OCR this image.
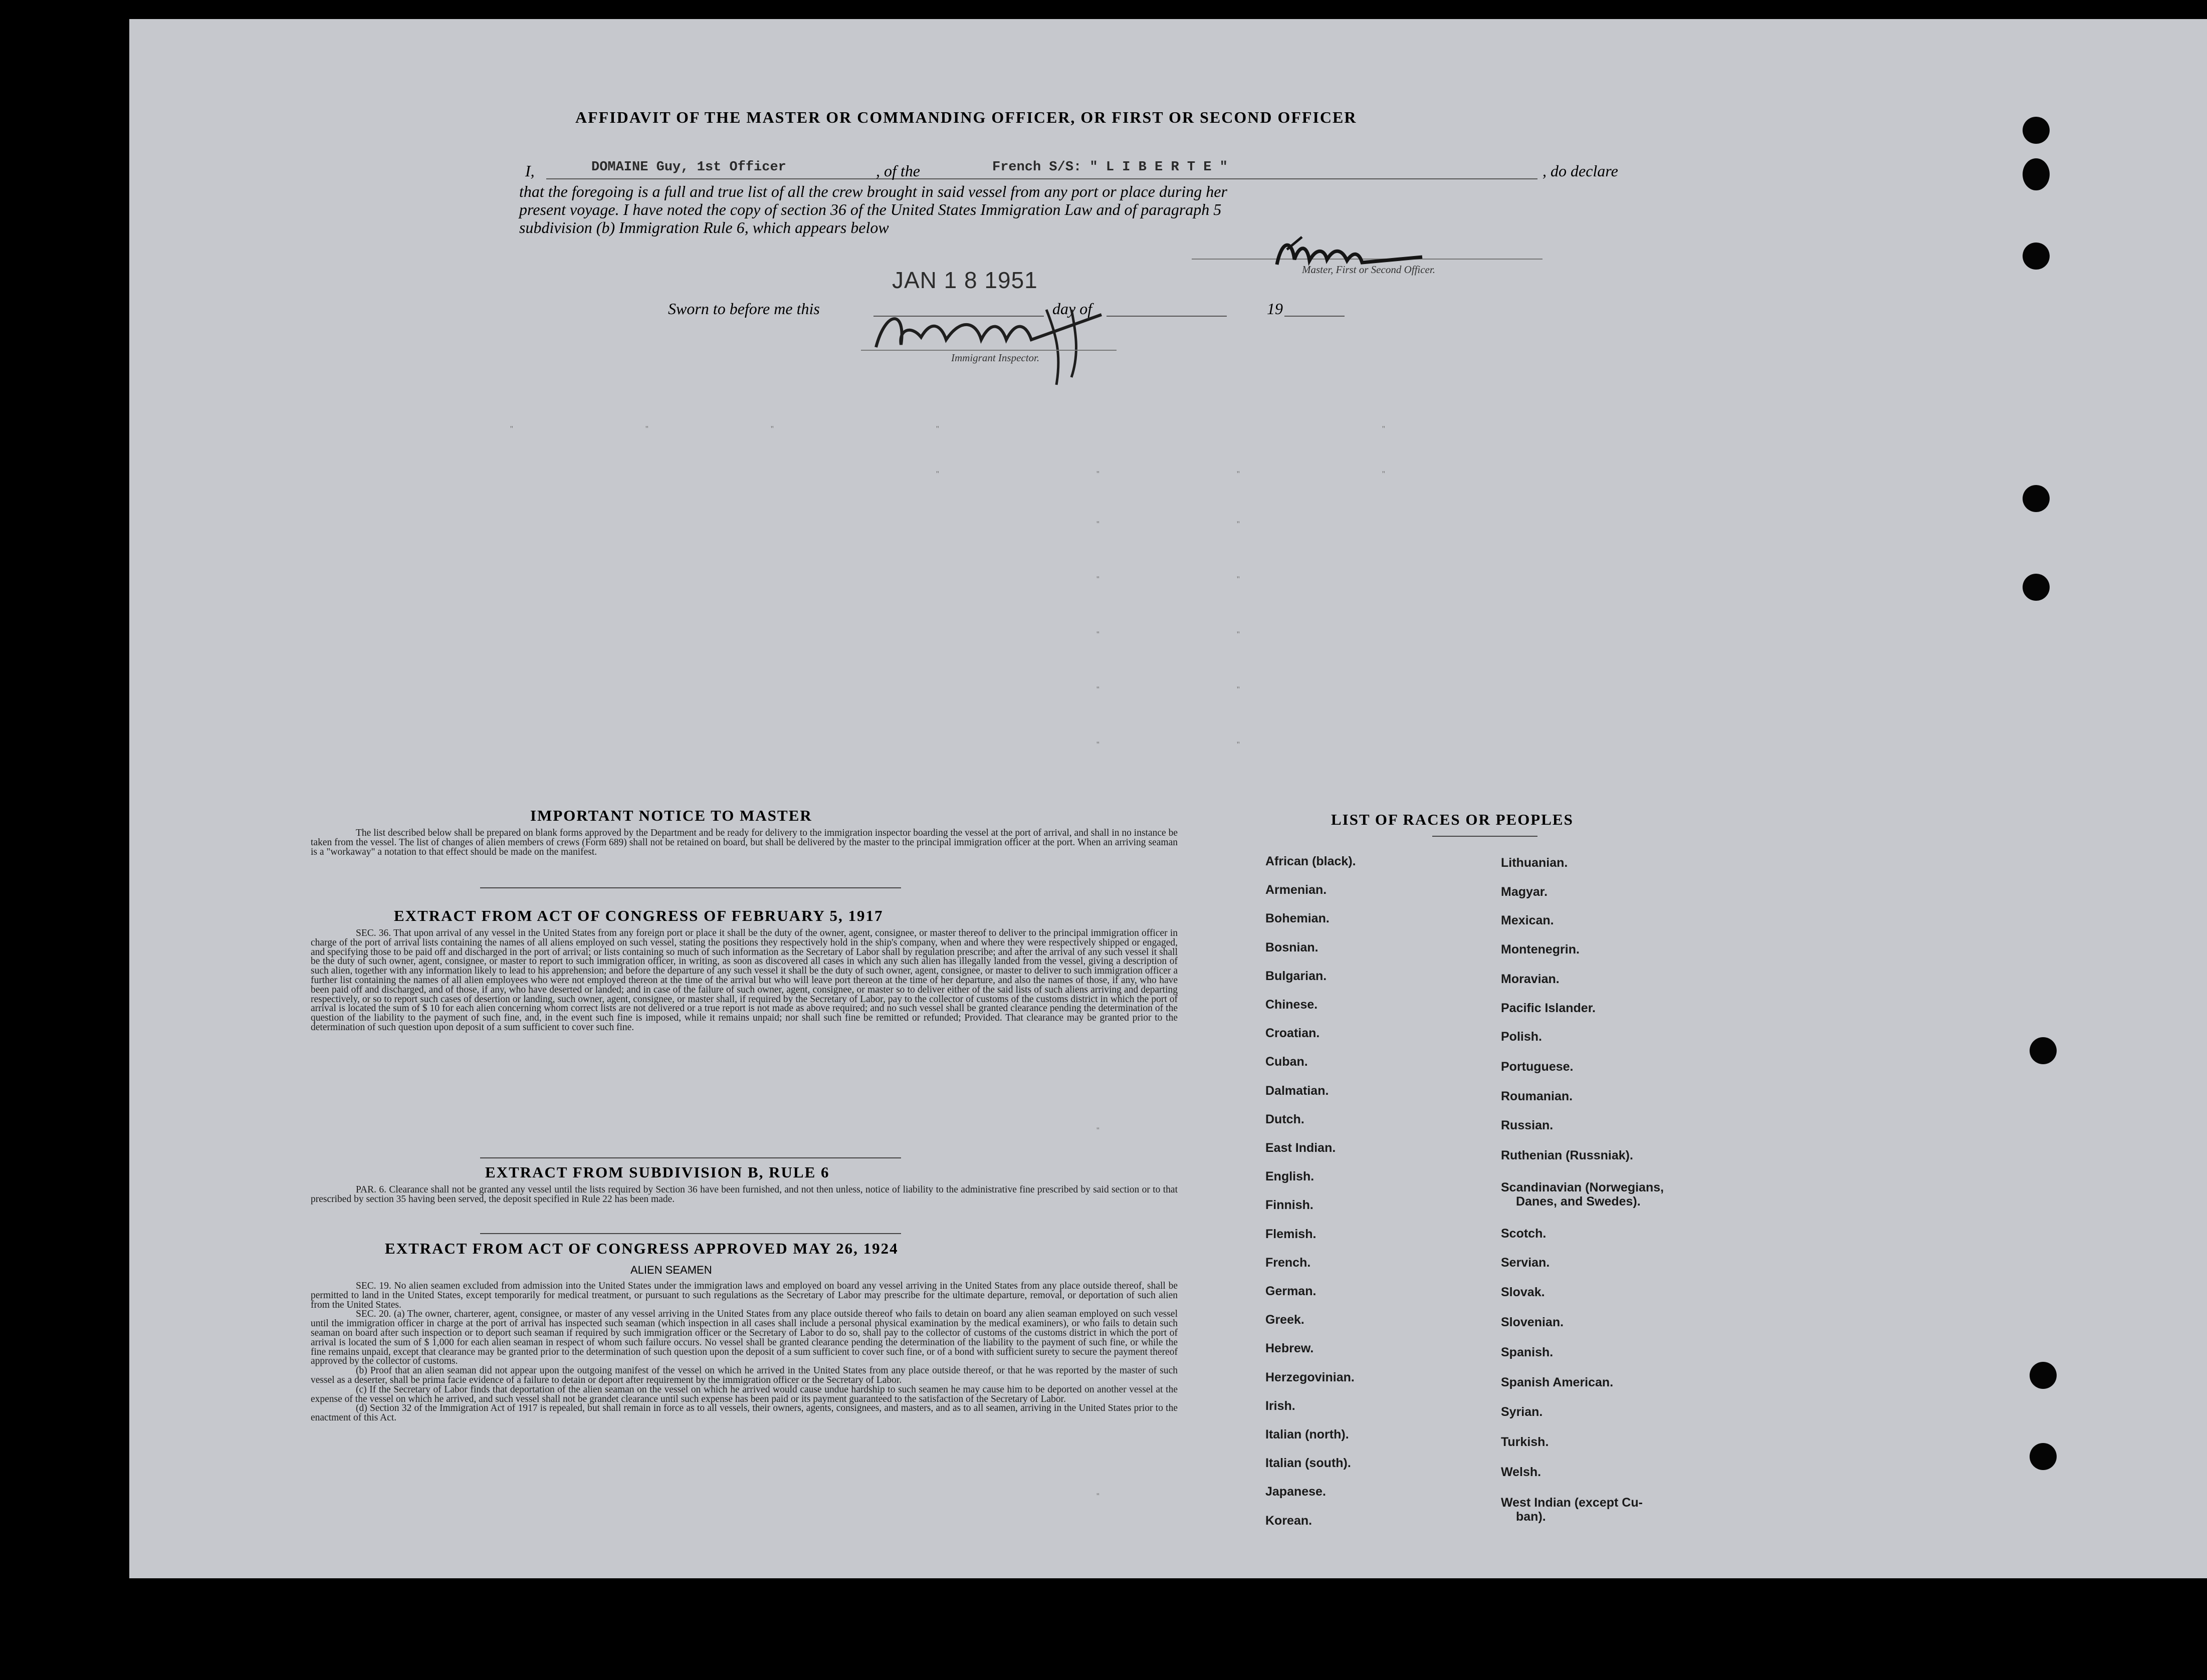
AFFIDAVIT OF THE MASTER OR COMMANDING OFFICER, OR FIRST OR SECOND OFFICER
I,	DOMAINE Guy, 1st Officer	, of the	French S/S: " L I B E R T E "	, do declare
that the foregoing is a full and true list of all the crew brought in said vessel from any port or place during her
present voyage. I have noted the copy of section 36 of the United States Immigration Law and of paragraph 5
subdivision (b) Immigration Rule 6, which appears below
Master, First or Second Officer.
JAN 1 8 1951
Sworn to before me this	day of	19
Immigrant Inspector.
''	''	''	''	''
''	''	''	''
''	''
''	''
''	''
''	''
''	''
''
''
IMPORTANT NOTICE TO MASTER

The list described below shall be prepared on blank forms approved by the Department and be ready for delivery to the immigration inspector boarding the vessel at the port of arrival, and shall in no instance be taken from the vessel. The list of changes of alien members of crews (Form 689) shall not be retained on board, but shall be delivered by the master to the principal immigration officer at the port. When an arriving seaman is a "workaway" a notation to that effect should be made on the manifest.

EXTRACT FROM ACT OF CONGRESS OF FEBRUARY 5, 1917

SEC. 36. That upon arrival of any vessel in the United States from any foreign port or place it shall be the duty of the owner, agent, consignee, or master thereof to deliver to the principal immigration officer in charge of the port of arrival lists containing the names of all aliens employed on such vessel, stating the positions they respectively hold in the ship's company, when and where they were respectively shipped or engaged, and specifying those to be paid off and discharged in the port of arrival; or lists containing so much of such information as the Secretary of Labor shall by regulation prescribe; and after the arrival of any such vessel it shall be the duty of such owner, agent, consignee, or master to report to such immigration officer, in writing, as soon as discovered all cases in which any such alien has illegally landed from the vessel, giving a description of such alien, together with any information likely to lead to his apprehension; and before the departure of any such vessel it shall be the duty of such owner, agent, consignee, or master to deliver to such immigration officer a further list containing the names of all alien employees who were not employed thereon at the time of the arrival but who will leave port thereon at the time of her departure, and also the names of those, if any, who have been paid off and discharged, and of those, if any, who have deserted or landed; and in case of the failure of such owner, agent, consignee, or master so to deliver either of the said lists of such aliens arriving and departing respectively, or so to report such cases of desertion or landing, such owner, agent, consignee, or master shall, if required by the Secretary of Labor, pay to the collector of customs of the customs district in which the port of arrival is located the sum of $ 10 for each alien concerning whom correct lists are not delivered or a true report is not made as above required; and no such vessel shall be granted clearance pending the determination of the question of the liability to the payment of such fine, and, in the event such fine is imposed, while it remains unpaid; nor shall such fine be remitted or refunded; Provided. That clearance may be granted prior to the determination of such question upon deposit of a sum sufficient to cover such fine.

EXTRACT FROM SUBDIVISION B, RULE 6

PAR. 6. Clearance shall not be granted any vessel until the lists required by Section 36 have been furnished, and not then unless, notice of liability to the administrative fine prescribed by said section or to that prescribed by section 35 having been served, the deposit specified in Rule 22 has been made.

EXTRACT FROM ACT OF CONGRESS APPROVED MAY 26, 1924
ALIEN SEAMEN

SEC. 19. No alien seamen excluded from admission into the United States under the immigration laws and employed on board any vessel arriving in the United States from any place outside thereof, shall be permitted to land in the United States, except temporarily for medical treatment, or pursuant to such regulations as the Secretary of Labor may prescribe for the ultimate departure, removal, or deportation of such alien from the United States.

SEC. 20. (a) The owner, charterer, agent, consignee, or master of any vessel arriving in the United States from any place outside thereof who fails to detain on board any alien seaman employed on such vessel until the immigration officer in charge at the port of arrival has inspected such seaman (which inspection in all cases shall include a personal physical examination by the medical examiners), or who fails to detain such seaman on board after such inspection or to deport such seaman if required by such immigration officer or the Secretary of Labor to do so, shall pay to the collector of customs of the customs district in which the port of arrival is located the sum of $ 1,000 for each alien seaman in respect of whom such failure occurs. No vessel shall be granted clearance pending the determination of the liability to the payment of such fine, or while the fine remains unpaid, except that clearance may be granted prior to the determination of such question upon the deposit of a sum sufficient to cover such fine, or of a bond with sufficient surety to secure the payment thereof approved by the collector of customs.

(b) Proof that an alien seaman did not appear upon the outgoing manifest of the vessel on which he arrived in the United States from any place outside thereof, or that he was reported by the master of such vessel as a deserter, shall be prima facie evidence of a failure to detain or deport after requirement by the immigration officer or the Secretary of Labor.

(c) If the Secretary of Labor finds that deportation of the alien seaman on the vessel on which he arrived would cause undue hardship to such seamen he may cause him to be deported on another vessel at the expense of the vessel on which he arrived, and such vessel shall not be grandet clearance until such expense has been paid or its payment guaranteed to the satisfaction of the Secretary of Labor.

(d) Section 32 of the Immigration Act of 1917 is repealed, but shall remain in force as to all vessels, their owners, agents, consignees, and masters, and as to all seamen, arriving in the United States prior to the enactment of this Act.

LIST OF RACES OR PEOPLES
African (black).
Armenian.
Bohemian.
Bosnian.
Bulgarian.
Chinese.
Croatian.
Cuban.
Dalmatian.
Dutch.
East Indian.
English.
Finnish.
Flemish.
French.
German.
Greek.
Hebrew.
Herzegovinian.
Irish.
Italian (north).
Italian (south).
Japanese.
Korean.
Lithuanian.
Magyar.
Mexican.
Montenegrin.
Moravian.
Pacific Islander.
Polish.
Portuguese.
Roumanian.
Russian.
Ruthenian (Russniak).
Scandinavian (Norwegians,
Danes, and Swedes).
Scotch.
Servian.
Slovak.
Slovenian.
Spanish.
Spanish American.
Syrian.
Turkish.
Welsh.
West Indian (except Cu-
ban).
